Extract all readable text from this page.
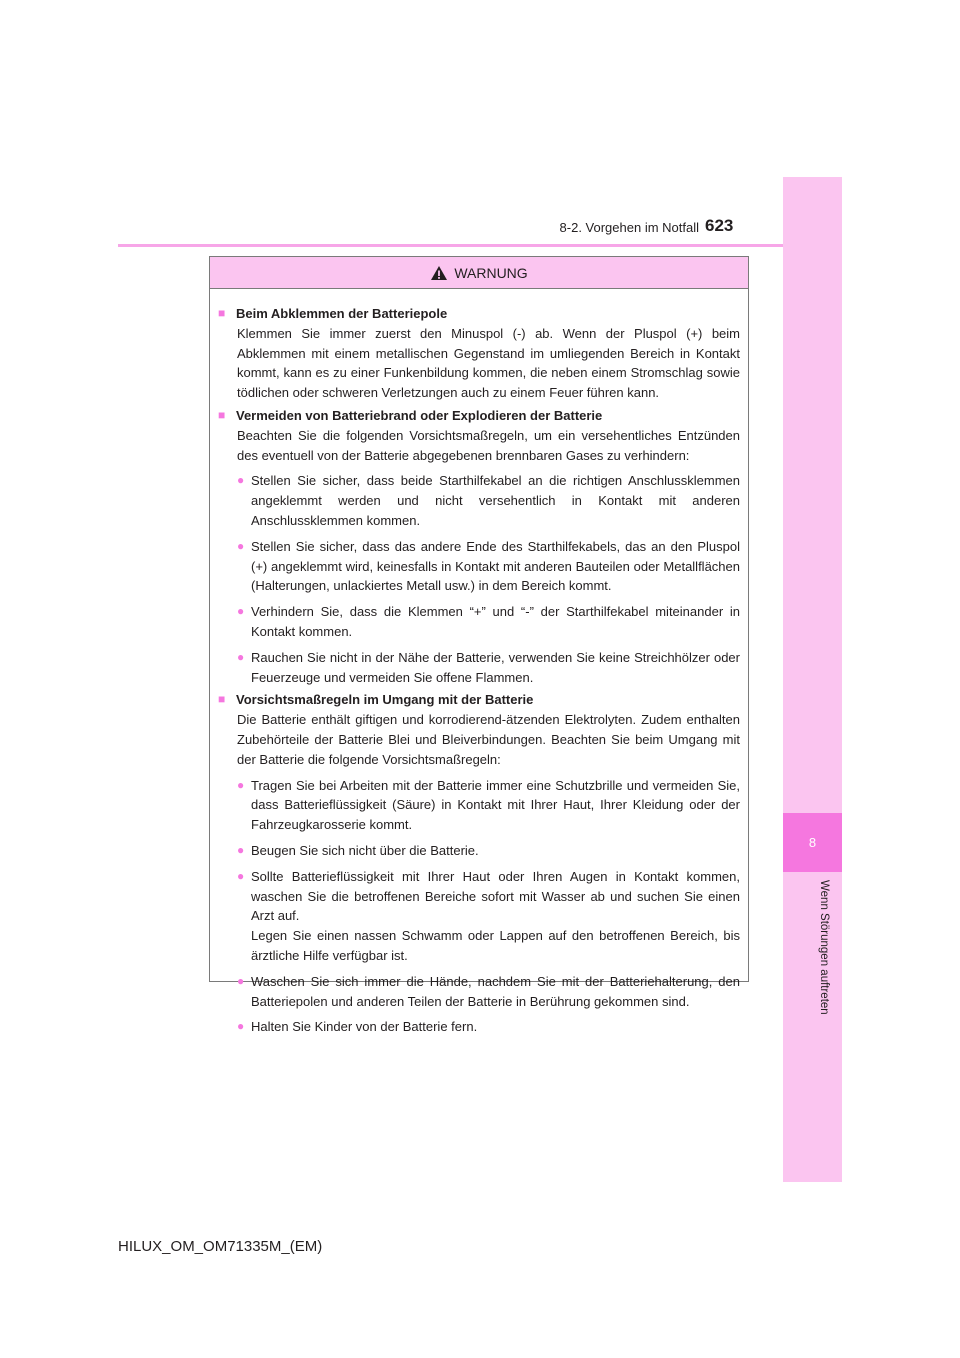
8
Wenn Störungen auftreten
8-2. Vorgehen im Notfall 623
WARNUNG
■ Beim Abklemmen der Batteriepole
Klemmen Sie immer zuerst den Minuspol (-) ab. Wenn der Pluspol (+) beim Abklemmen mit einem metallischen Gegenstand im umliegenden Bereich in Kontakt kommt, kann es zu einer Funkenbildung kommen, die neben einem Stromschlag sowie tödlichen oder schweren Verletzungen auch zu einem Feuer führen kann.
■ Vermeiden von Batteriebrand oder Explodieren der Batterie
Beachten Sie die folgenden Vorsichtsmaßregeln, um ein versehentliches Entzünden des eventuell von der Batterie abgegebenen brennbaren Gases zu verhindern:
● Stellen Sie sicher, dass beide Starthilfekabel an die richtigen Anschlussklemmen angeklemmt werden und nicht versehentlich in Kontakt mit anderen Anschlussklemmen kommen.
● Stellen Sie sicher, dass das andere Ende des Starthilfekabels, das an den Pluspol (+) angeklemmt wird, keinesfalls in Kontakt mit anderen Bauteilen oder Metallflächen (Halterungen, unlackiertes Metall usw.) in dem Bereich kommt.
● Verhindern Sie, dass die Klemmen “+” und “-” der Starthilfekabel miteinander in Kontakt kommen.
● Rauchen Sie nicht in der Nähe der Batterie, verwenden Sie keine Streichhölzer oder Feuerzeuge und vermeiden Sie offene Flammen.
■ Vorsichtsmaßregeln im Umgang mit der Batterie
Die Batterie enthält giftigen und korrodierend-ätzenden Elektrolyten. Zudem enthalten Zubehörteile der Batterie Blei und Bleiverbindungen. Beachten Sie beim Umgang mit der Batterie die folgende Vorsichtsmaßregeln:
● Tragen Sie bei Arbeiten mit der Batterie immer eine Schutzbrille und vermeiden Sie, dass Batterieflüssigkeit (Säure) in Kontakt mit Ihrer Haut, Ihrer Kleidung oder der Fahrzeugkarosserie kommt.
● Beugen Sie sich nicht über die Batterie.
● Sollte Batterieflüssigkeit mit Ihrer Haut oder Ihren Augen in Kontakt kommen, waschen Sie die betroffenen Bereiche sofort mit Wasser ab und suchen Sie einen Arzt auf.
Legen Sie einen nassen Schwamm oder Lappen auf den betroffenen Bereich, bis ärztliche Hilfe verfügbar ist.
● Waschen Sie sich immer die Hände, nachdem Sie mit der Batteriehalterung, den Batteriepolen und anderen Teilen der Batterie in Berührung gekommen sind.
● Halten Sie Kinder von der Batterie fern.
HILUX_OM_OM71335M_(EM)
